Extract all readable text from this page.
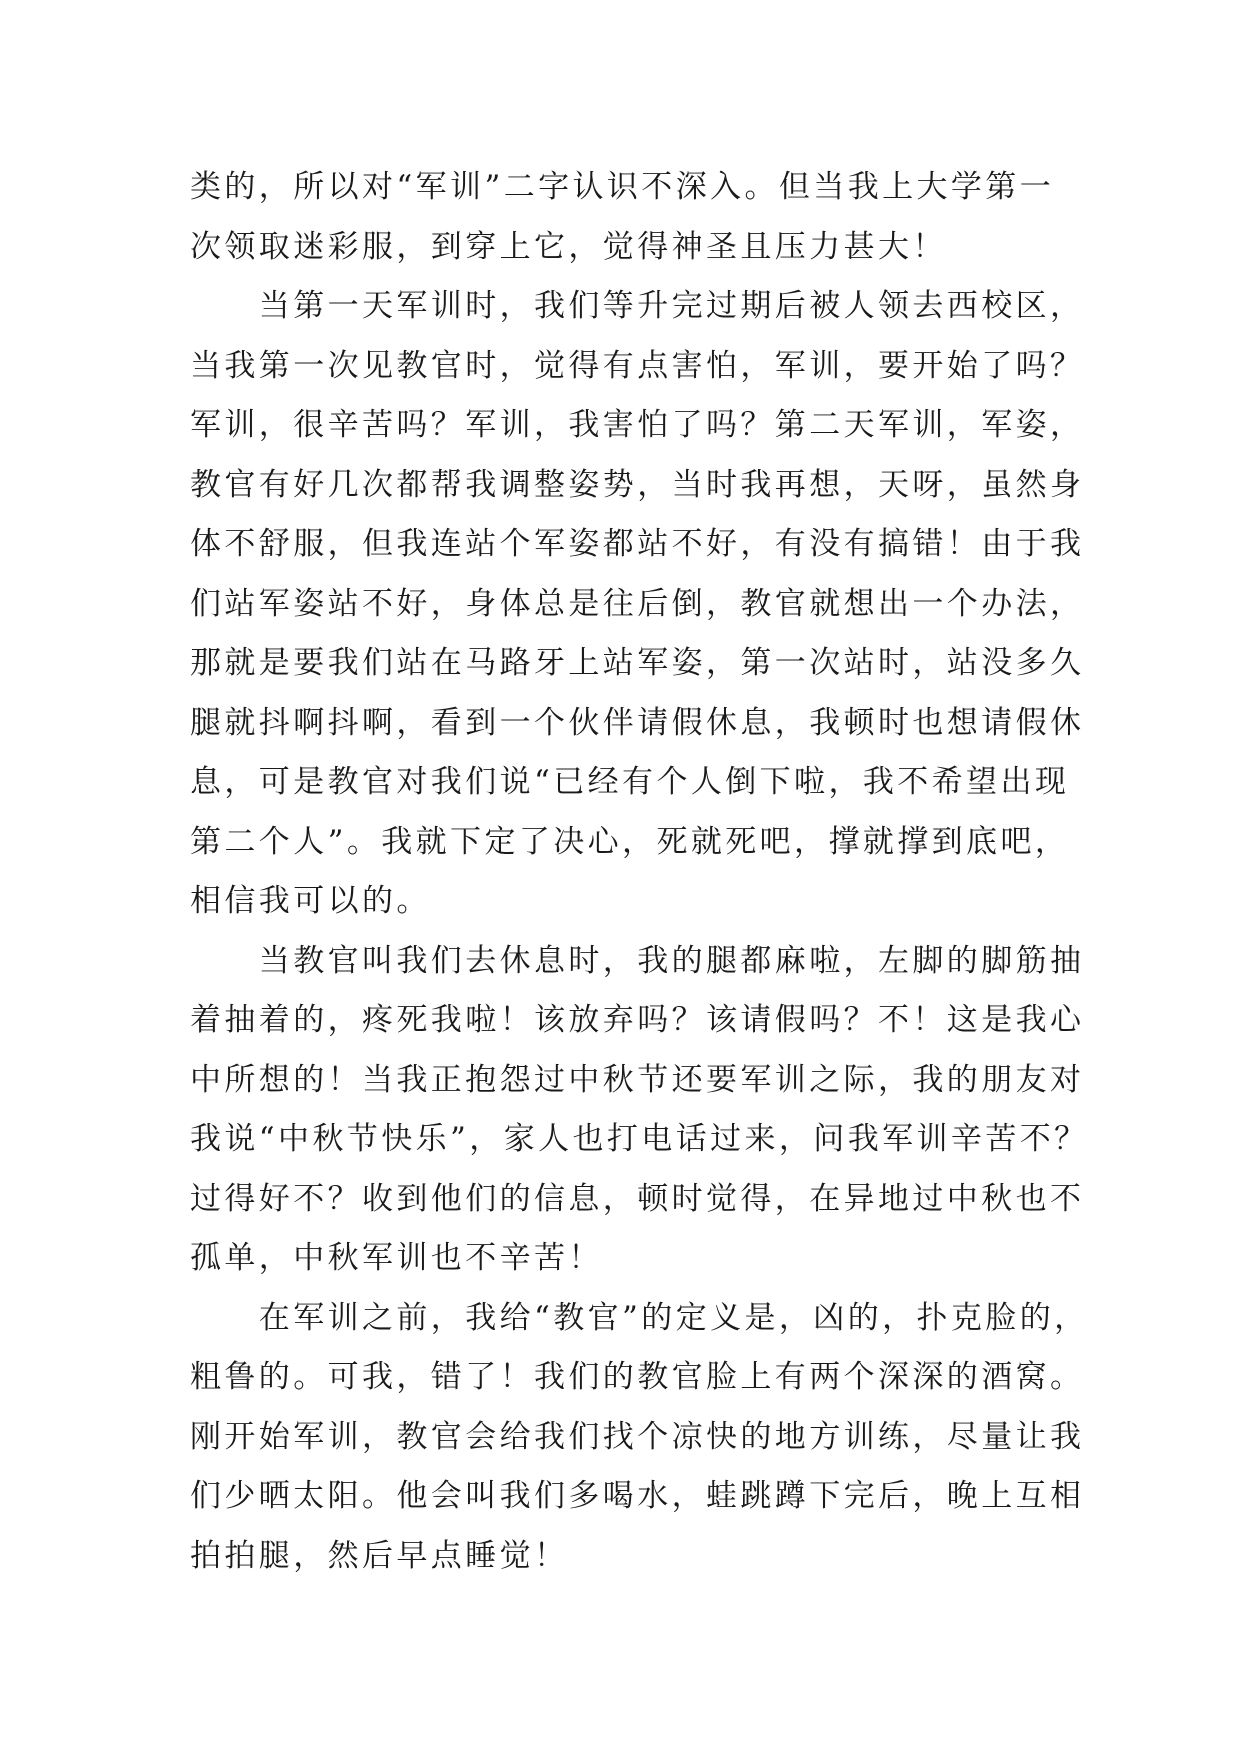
类的，所以对“军训”二字认识不深入。但当我上大学第一
次领取迷彩服，到穿上它，觉得神圣且压力甚大！
　　当第一天军训时，我们等升完过期后被人领去西校区，
当我第一次见教官时，觉得有点害怕，军训，要开始了吗？
军训，很辛苦吗？军训，我害怕了吗？第二天军训，军姿，
教官有好几次都帮我调整姿势，当时我再想，天呀，虽然身
体不舒服，但我连站个军姿都站不好，有没有搞错！由于我
们站军姿站不好，身体总是往后倒，教官就想出一个办法，
那就是要我们站在马路牙上站军姿，第一次站时，站没多久
腿就抖啊抖啊，看到一个伙伴请假休息，我顿时也想请假休
息，可是教官对我们说“已经有个人倒下啦，我不希望出现
第二个人”。我就下定了决心，死就死吧，撑就撑到底吧，
相信我可以的。
　　当教官叫我们去休息时，我的腿都麻啦，左脚的脚筋抽
着抽着的，疼死我啦！该放弃吗？该请假吗？不！这是我心
中所想的！当我正抱怨过中秋节还要军训之际，我的朋友对
我说“中秋节快乐”，家人也打电话过来，问我军训辛苦不？
过得好不？收到他们的信息，顿时觉得，在异地过中秋也不
孤单，中秋军训也不辛苦！
　　在军训之前，我给“教官”的定义是，凶的，扑克脸的，
粗鲁的。可我，错了！我们的教官脸上有两个深深的酒窝。
刚开始军训，教官会给我们找个凉快的地方训练，尽量让我
们少晒太阳。他会叫我们多喝水，蛙跳蹲下完后，晚上互相
拍拍腿，然后早点睡觉！
